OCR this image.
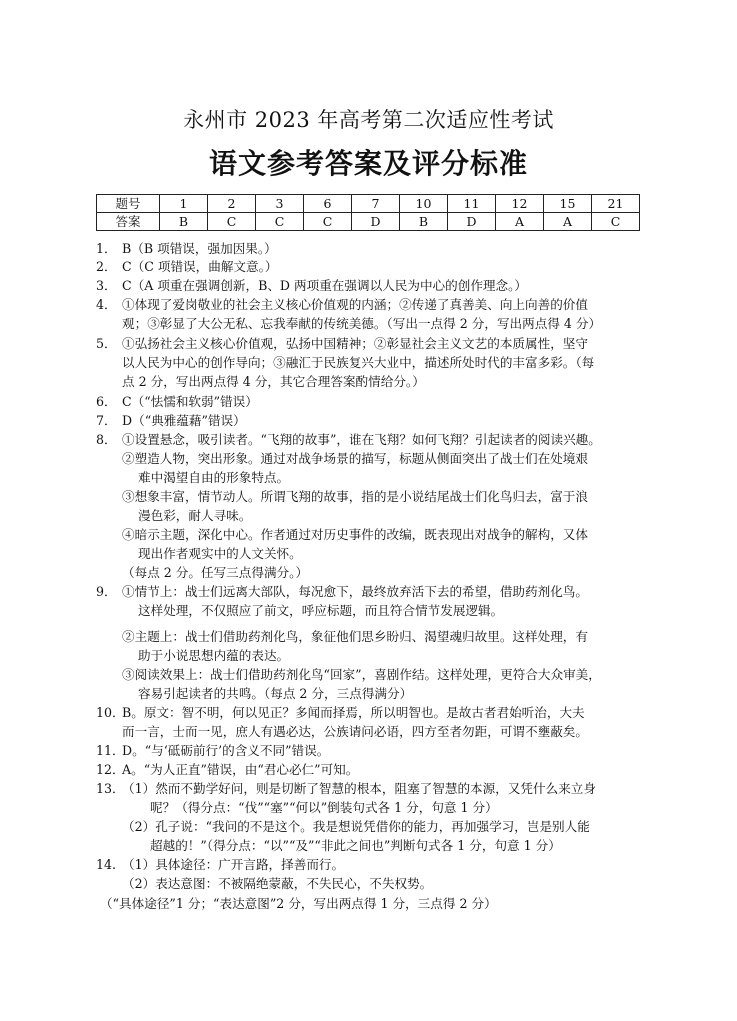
永州市 2023 年高考第二次适应性考试
语文参考答案及评分标准
题号	1	2	3	6	7	10	11	12	15	21
答案	B	C	C	C	D	B	D	A	A	C
1． B（B 项错误，强加因果。）
2． C（C 项错误，曲解文意。）
3． C（A 项重在强调创新，B、D 两项重在强调以人民为中心的创作理念。）
4． ①体现了爱岗敬业的社会主义核心价值观的内涵；②传递了真善美、向上向善的价值
观；③彰显了大公无私、忘我奉献的传统美德。（写出一点得 2 分，写出两点得 4 分）
5． ①弘扬社会主义核心价值观，弘扬中国精神；②彰显社会主义文艺的本质属性，坚守
以人民为中心的创作导向；③融汇于民族复兴大业中，描述所处时代的丰富多彩。（每
点 2 分，写出两点得 4 分，其它合理答案酌情给分。）
6． C（“怯懦和软弱”错误）
7． D（“典雅蕴藉”错误）
8． ①设置悬念，吸引读者。“飞翔的故事”，谁在飞翔？如何飞翔？引起读者的阅读兴趣。
②塑造人物，突出形象。通过对战争场景的描写，标题从侧面突出了战士们在处境艰
难中渴望自由的形象特点。
③想象丰富，情节动人。所谓飞翔的故事，指的是小说结尾战士们化鸟归去，富于浪
漫色彩，耐人寻味。
④暗示主题，深化中心。作者通过对历史事件的改编，既表现出对战争的解构，又体
现出作者观实中的人文关怀。
（每点 2 分。任写三点得满分。）
9． ①情节上：战士们远离大部队，每况愈下，最终放弃活下去的希望，借助药剂化鸟。
这样处理，不仅照应了前文，呼应标题，而且符合情节发展逻辑。
②主题上：战士们借助药剂化鸟，象征他们思乡盼归、渴望魂归故里。这样处理，有
助于小说思想内蕴的表达。
③阅读效果上：战士们借助药剂化鸟“回家”，喜剧作结。这样处理，更符合大众审美，
容易引起读者的共鸣。（每点 2 分，三点得满分）
10．
B。原文：智不明，何以见正？多闻而择焉，所以明智也。是故古者君始听治，大夫
而一言，士而一见，庶人有遇必达，公族请问必语，四方至者勿距，可谓不壅蔽矣。
11．
D。“与‘砥砺前行’的含义不同”错误。
12．
A。“为人正直”错误，由“君心必仁”可知。
13．
（1）然而不勤学好问，则是切断了智慧的根本，阻塞了智慧的本源，又凭什么来立身
呢？（得分点：“伐”“塞”“何以”倒装句式各 1 分，句意 1 分）
（2）孔子说：“我问的不是这个。我是想说凭借你的能力，再加强学习，岂是别人能
超越的！”（得分点：“以”“及”“非此之间也”判断句式各 1 分，句意 1 分）
14. （1）具体途径：广开言路，择善而行。
（2）表达意图：不被隔绝蒙蔽，不失民心，不失权势。
（“具体途径”1 分；“表达意图”2 分，写出两点得 1 分，三点得 2 分）
